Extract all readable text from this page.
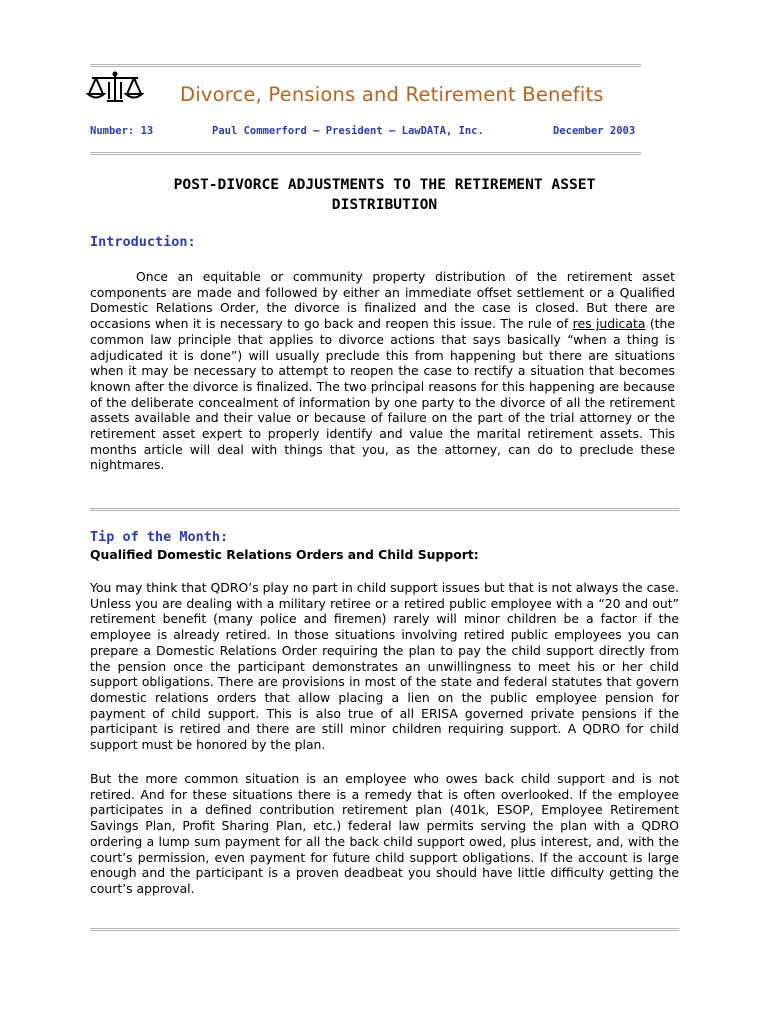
Divorce, Pensions and Retirement Benefits
Number: 13	Paul Commerford – President – LawDATA, Inc.	December 2003
POST-DIVORCE ADJUSTMENTS TO THE RETIREMENT ASSET
DISTRIBUTION
Introduction:

Once an equitable or community property distribution of the retirement asset components are made and followed by either an immediate offset settlement or a Qualified Domestic Relations Order, the divorce is finalized and the case is closed. But there are occasions when it is necessary to go back and reopen this issue. The rule of res judicata (the common law principle that applies to divorce actions that says basically “when a thing is adjudicated it is done”) will usually preclude this from happening but there are situations when it may be necessary to attempt to reopen the case to rectify a situation that becomes known after the divorce is finalized. The two principal reasons for this happening are because of the deliberate concealment of information by one party to the divorce of all the retirement assets available and their value or because of failure on the part of the trial attorney or the retirement asset expert to properly identify and value the marital retirement assets. This months article will deal with things that you, as the attorney, can do to preclude these nightmares.

Tip of the Month:
Qualified Domestic Relations Orders and Child Support:

You may think that QDRO’s play no part in child support issues but that is not always the case. Unless you are dealing with a military retiree or a retired public employee with a “20 and out” retirement benefit (many police and firemen) rarely will minor children be a factor if the employee is already retired. In those situations involving retired public employees you can prepare a Domestic Relations Order requiring the plan to pay the child support directly from the pension once the participant demonstrates an unwillingness to meet his or her child support obligations. There are provisions in most of the state and federal statutes that govern domestic relations orders that allow placing a lien on the public employee pension for payment of child support. This is also true of all ERISA governed private pensions if the participant is retired and there are still minor children requiring support. A QDRO for child support must be honored by the plan.

But the more common situation is an employee who owes back child support and is not retired. And for these situations there is a remedy that is often overlooked. If the employee participates in a defined contribution retirement plan (401k, ESOP, Employee Retirement Savings Plan, Profit Sharing Plan, etc.) federal law permits serving the plan with a QDRO ordering a lump sum payment for all the back child support owed, plus interest, and, with the court’s permission, even payment for future child support obligations. If the account is large enough and the participant is a proven deadbeat you should have little difficulty getting the court’s approval.
